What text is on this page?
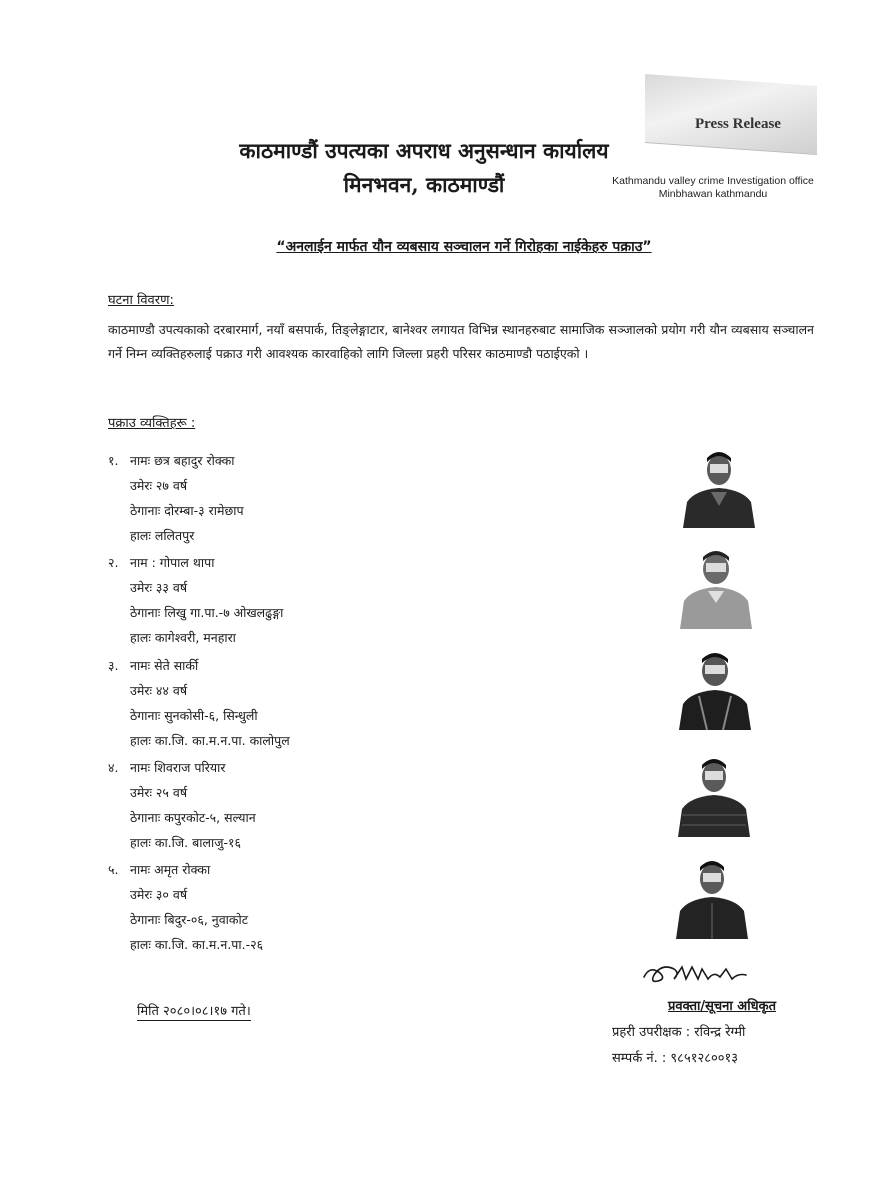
Press Release
काठमाण्डौं उपत्यका अपराध अनुसन्धान कार्यालय
मिनभवन, काठमाण्डौं	Kathmandu valley crime Investigation office
Minbhawan kathmandu
“अनलाईन मार्फत यौन व्यबसाय सञ्चालन गर्ने गिरोहका नाईकेहरु पक्राउ”
घटना विवरण:
काठमाण्डौ उपत्यकाको दरबारमार्ग, नयाँ बसपार्क, तिङ्लेङ्गाटार, बानेश्वर लगायत विभिन्न स्थानहरुबाट सामाजिक सञ्जालको प्रयोग गरी यौन व्यबसाय सञ्चालन गर्ने निम्न व्यक्तिहरुलाई पक्राउ गरी आवश्यक कारवाहिको लागि जिल्ला प्रहरी परिसर काठमाण्डौ पठाईएको ।
पक्राउ व्यक्तिहरू :
१. नामः छत्र बहादुर रोक्का
उमेरः २७ वर्ष
ठेगानाः दोरम्बा-३ रामेछाप
हालः ललितपुर
२. नाम : गोपाल थापा
उमेरः ३३ वर्ष
ठेगानाः लिखु गा.पा.-७ ओखलढुङ्गा
हालः कागेश्वरी, मनहारा
३. नामः सेते सार्की
उमेरः ४४ वर्ष
ठेगानाः सुनकोसी-६, सिन्धुली
हालः का.जि. का.म.न.पा. कालोपुल
४. नामः शिवराज परियार
उमेरः २५ वर्ष
ठेगानाः कपुरकोट-५, सल्यान
हालः का.जि. बालाजु-१६
५. नामः अमृत रोक्का
उमेरः ३० वर्ष
ठेगानाः बिदुर-०६, नुवाकोट
हालः का.जि. का.म.न.पा.-२६
मिति २०८०।०८।१७ गते।	प्रवक्ता/सूचना अधिकृत
प्रहरी उपरीक्षक : रविन्द्र रेग्मी
सम्पर्क नं. : ९८५१२८००१३
